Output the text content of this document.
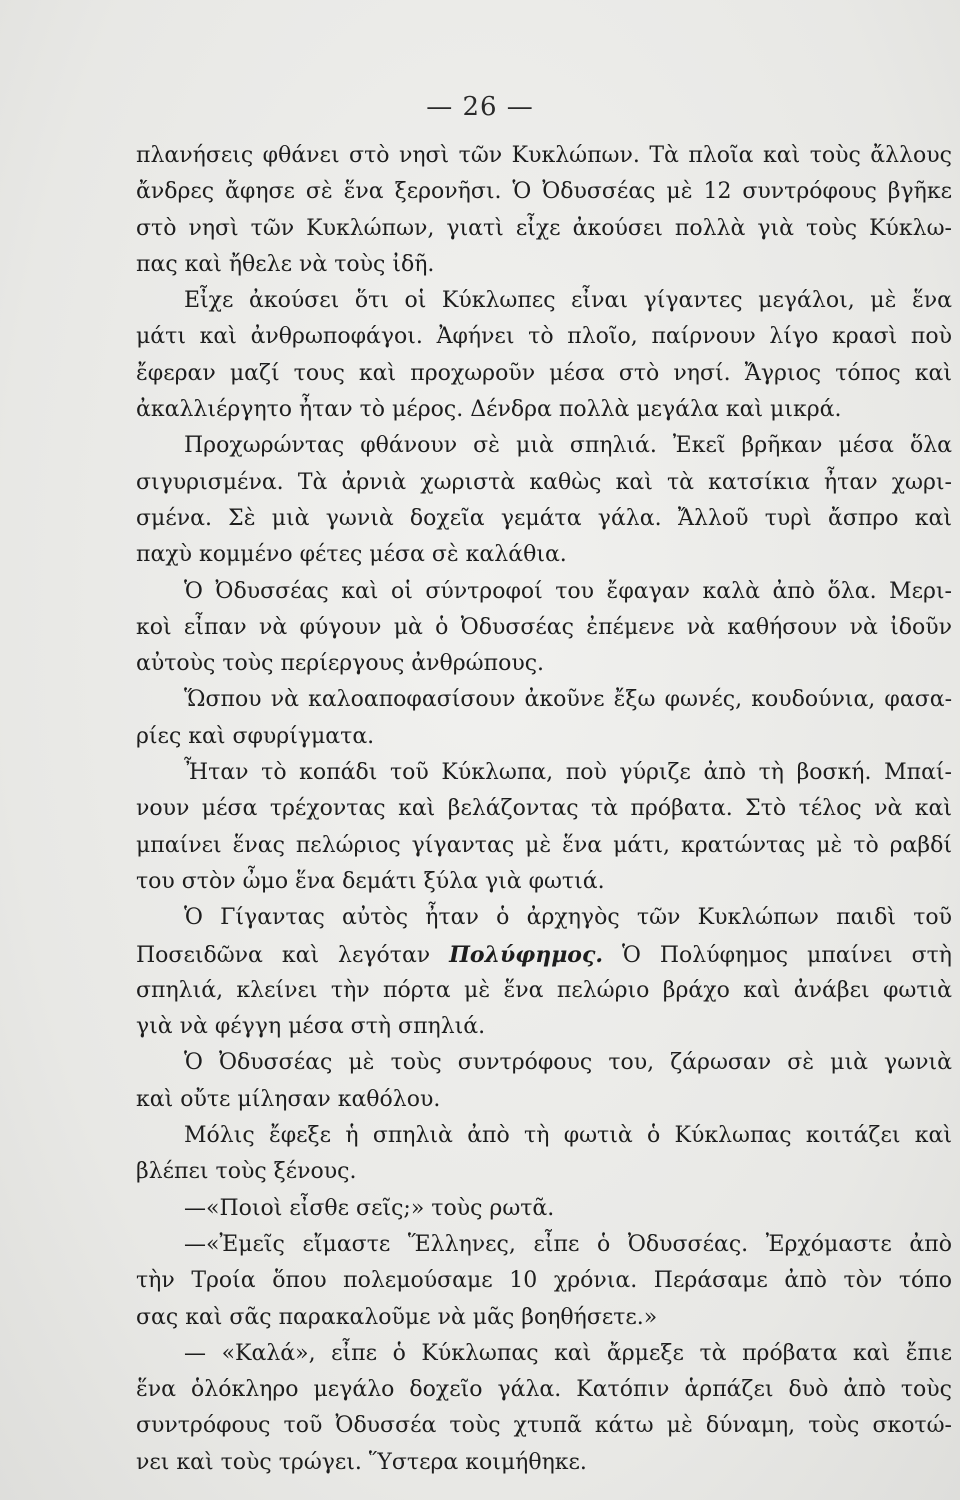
— 26 —
πλανήσεις φθάνει στὸ νησὶ τῶν Κυκλώπων. Τὰ πλοῖα καὶ τοὺς ἄλλους
ἄνδρες ἄφησε σὲ ἕνα ξερονῆσι. Ὁ Ὀδυσσέας μὲ 12 συντρόφους βγῆκε
στὸ νησὶ τῶν Κυκλώπων, γιατὶ εἶχε ἀκούσει πολλὰ γιὰ τοὺς Κύκλω-
πας καὶ ἤθελε νὰ τοὺς ἰδῆ.
Εἶχε ἀκούσει ὅτι οἱ Κύκλωπες εἶναι γίγαντες μεγάλοι, μὲ ἕνα
μάτι καὶ ἀνθρωποφάγοι. Ἀφήνει τὸ πλοῖο, παίρνουν λίγο κρασὶ ποὺ
ἔφεραν μαζί τους καὶ προχωροῦν μέσα στὸ νησί. Ἄγριος τόπος καὶ
ἀκαλλιέργητο ἦταν τὸ μέρος. Δένδρα πολλὰ μεγάλα καὶ μικρά.
Προχωρώντας φθάνουν σὲ μιὰ σπηλιά. Ἐκεῖ βρῆκαν μέσα ὅλα
σιγυρισμένα. Τὰ ἀρνιὰ χωριστὰ καθὼς καὶ τὰ κατσίκια ἦταν χωρι-
σμένα. Σὲ μιὰ γωνιὰ δοχεῖα γεμάτα γάλα. Ἄλλοῦ τυρὶ ἄσπρο καὶ
παχὺ κομμένο φέτες μέσα σὲ καλάθια.
Ὁ Ὀδυσσέας καὶ οἱ σύντροφοί του ἔφαγαν καλὰ ἀπὸ ὅλα. Μερι-
κοὶ εἶπαν νὰ φύγουν μὰ ὁ Ὀδυσσέας ἐπέμενε νὰ καθήσουν νὰ ἰδοῦν
αὐτοὺς τοὺς περίεργους ἀνθρώπους.
Ὥσπου νὰ καλοαποφασίσουν ἀκοῦνε ἔξω φωνές, κουδούνια, φασα-
ρίες καὶ σφυρίγματα.
Ἦταν τὸ κοπάδι τοῦ Κύκλωπα, ποὺ γύριζε ἀπὸ τὴ βοσκή. Μπαί-
νουν μέσα τρέχοντας καὶ βελάζοντας τὰ πρόβατα. Στὸ τέλος νὰ καὶ
μπαίνει ἕνας πελώριος γίγαντας μὲ ἕνα μάτι, κρατώντας μὲ τὸ ραβδί
του στὸν ὦμο ἕνα δεμάτι ξύλα γιὰ φωτιά.
Ὁ Γίγαντας αὐτὸς ἦταν ὁ ἀρχηγὸς τῶν Κυκλώπων παιδὶ τοῦ
Ποσειδῶνα καὶ λεγόταν Πολύφημος. Ὁ Πολύφημος μπαίνει στὴ
σπηλιά, κλείνει τὴν πόρτα μὲ ἕνα πελώριο βράχο καὶ ἀνάβει φωτιὰ
γιὰ νὰ φέγγη μέσα στὴ σπηλιά.
Ὁ Ὀδυσσέας μὲ τοὺς συντρόφους του, ζάρωσαν σὲ μιὰ γωνιὰ
καὶ οὔτε μίλησαν καθόλου.
Μόλις ἔφεξε ἡ σπηλιὰ ἀπὸ τὴ φωτιὰ ὁ Κύκλωπας κοιτάζει καὶ
βλέπει τοὺς ξένους.
—«Ποιοὶ εἶσθε σεῖς;» τοὺς ρωτᾶ.
—«Ἐμεῖς εἴμαστε Ἕλληνες, εἶπε ὁ Ὀδυσσέας. Ἐρχόμαστε ἀπὸ
τὴν Τροία ὅπου πολεμούσαμε 10 χρόνια. Περάσαμε ἀπὸ τὸν τόπο
σας καὶ σᾶς παρακαλοῦμε νὰ μᾶς βοηθήσετε.»
— «Καλά», εἶπε ὁ Κύκλωπας καὶ ἄρμεξε τὰ πρόβατα καὶ ἔπιε
ἕνα ὁλόκληρο μεγάλο δοχεῖο γάλα. Κατόπιν ἁρπάζει δυὸ ἀπὸ τοὺς
συντρόφους τοῦ Ὀδυσσέα τοὺς χτυπᾶ κάτω μὲ δύναμη, τοὺς σκοτώ-
νει καὶ τοὺς τρώγει. Ὕστερα κοιμήθηκε.
